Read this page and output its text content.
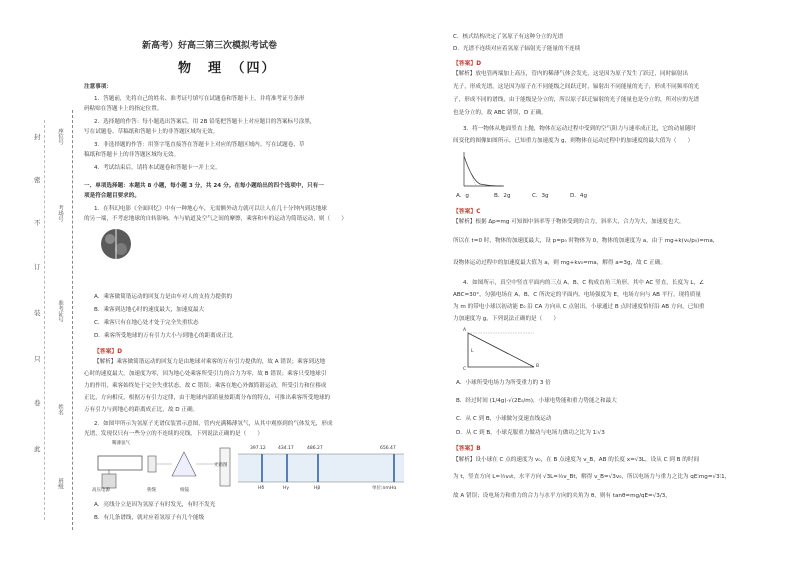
封
密
不
订
装
只
卷
此
座位号
考场号
准考证号
姓名
班级
新高考）好高三第三次模拟考试卷
物　理　（四）
注意事项：
1．答题前，先将自己的姓名、准考证号填写在试题卷和答题卡上，并将准考证号条形
码粘贴在答题卡上的指定位置。
2．选择题的作答：每小题选出答案后，用 2B 铅笔把答题卡上对应题目的答案标号涂黑，
写在试题卷、草稿纸和答题卡上的非答题区域均无效。
3．非选择题的作答：用签字笔直接答在答题卡上对应的答题区域内。写在试题卷、草
稿纸和答题卡上的非答题区域均无效。
4．考试结束后，请将本试题卷和答题卡一并上交。
一、单项选择题：本题共 8 小题，每小题 3 分，共 24 分。在每小题给出的四个选项中，只有一
项是符合题目要求的。
1．在科幻电影《全面回忆》中有一种地心车，无需额外动力就可以让人在几十分钟内到达地球
的另一端，不考虑地球的自转影响、车与轨道及空气之间的摩擦，乘客和车的运动为简谐运动，则（　　）
A．乘客做简谐运动的回复力是由车对人的支持力提供的
B．乘客到达地心时的速度最大，加速度最大
C．乘客只有在地心处才处于完全失重状态
D．乘客所受地球的万有引力大小与到地心的距离成正比
【答案】D
【解析】乘客做简谐运动的回复力是由地球对乘客的万有引力提供的，故 A 错误；乘客到达地
心时的速度最大，加速度为零，因为地心处乘客所受引力的合力为零，故 B 错误；乘客只受地球引
力的作用，乘客始终处于完全失重状态，故 C 错误；乘客在地心外做简谐运动，所受引力和位移成
正比，方向相反，根据万有引力定律，由于地球内部质量按距离分布的特点，可推出乘客所受地球的
万有引力与到地心的距离成正比，故 D 正确。
2．如图甲所示为氢原子光谱仪装置示意图，管内充满稀薄氢气，从其中观察到的气体发光，形成
光谱，发现仅只有一些分立的不连续的亮线，下列说法正确的是（　　）
稀薄氢气
高压电源	狭缝	棱镜
光谱图
397.12	434.17	486.27	656.47
单位:nm
Hδ	Hγ	Hβ	Hα
A．亮线分立是因为氢原子有时发光，有时不发光
B．有几条谱线，就对应着氢原子有几个能级
C．核式结构决定了氢原子有这种分立的光谱
D．光谱不连续对应着氢原子辐射光子能量的不连续
【答案】D
【解析】放电管两端加上高压，管内的稀薄气体会发光，这是因为原子发生了跃迁，同时辐射出
光子，形成光谱，这是因为原子在不同能级之间跃迁时，辐射出不同能量的光子，形成不同频率的光
子，形成不同的谱线，由于能级是分立的，所以原子跃迁辐射的光子能量也是分立的，所对应的光谱
也是分立的，故 ABC 错误，D 正确。
3．将一物体从地面竖直上抛，物体在运动过程中受到的空气阻力与速率成正比，它的动量随时
间变化的图像如图所示，已知重力加速度为 g，则物体在运动过程中的加速度的最大值为（　　）
A．g	B．2g	C．3g	D．4g
【答案】C
【解析】根据 Δp=mg 可知图中斜率等于物体受到的合力，斜率大，合力为大，加速度也大，
所以在 t=0 时，物体的加速度最大，设 p=p₀ 时物体为 0，物体的加速度为 a，由于 mg+k(v₀/p₀)=ma，
设物体运动过程中的加速度最大值为 a，则 mg+kv₀=ma，解得 a=3g，故 C 正确。
4．如图所示，真空中竖直平面内的三点 A、B、C 构成直角三角形，其中 AC 竖直，长度为 L，∠
ABC=30°，匀强电场在 A、B、C 所决定的平面内，电场强度为 E，电场方向与 AB 平行。现将质量
为 m 的带电小球以初动能 E₀ 沿 CA 方向从 C 点射出，小球通过 B 点时速度恰好沿 AB 方向，已知重
力加速度为 g，下列说法正确的是（　　）
A
B
C
L
A．小球所受电场力为所受重力的 3 倍
B．经过时间 (1/4g)·√(2E₀/m)，小球电势能和重力势能之和最大
C．从 C 到 B，小球做匀变速直线运动
D．从 C 到 B，小球克服重力做功与电场力做功之比为 1∶√3
【答案】B
【解析】设小球在 C 点的速度为 v₀，在 B 点速度为 v_B，AB 的长度 x=√3L，设从 C 到 B 的时间
为 t，竖直方向 L=½v₀t，水平方向 √3L=½v_Bt，解得 v_B=√3v₀，所以电场力与重力之比为 qE∶mg=√3∶1，
故 A 错误；设电场力和重力的合力与水平方向的夹角为 θ，则有 tanθ=mg/qE=√3/3，
